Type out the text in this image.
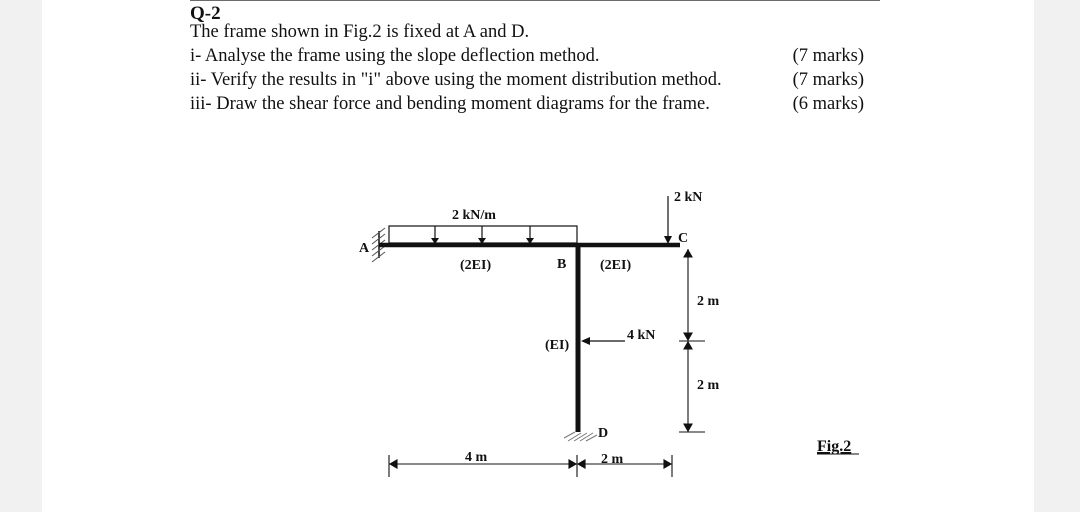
Q-2
The frame shown in Fig.2 is fixed at A and D.
i- Analyse the frame using the slope deflection method.	(7 marks)
ii- Verify the results in "i" above using the moment distribution method.	(7 marks)
iii- Draw the shear force and bending moment diagrams for the frame.	(6 marks)
2 kN/m
A
D
B
C
(2EI)	(2EI)
(EI)
2 kN
4 kN
2 m
2 m
4 m	2 m
Fig.2
